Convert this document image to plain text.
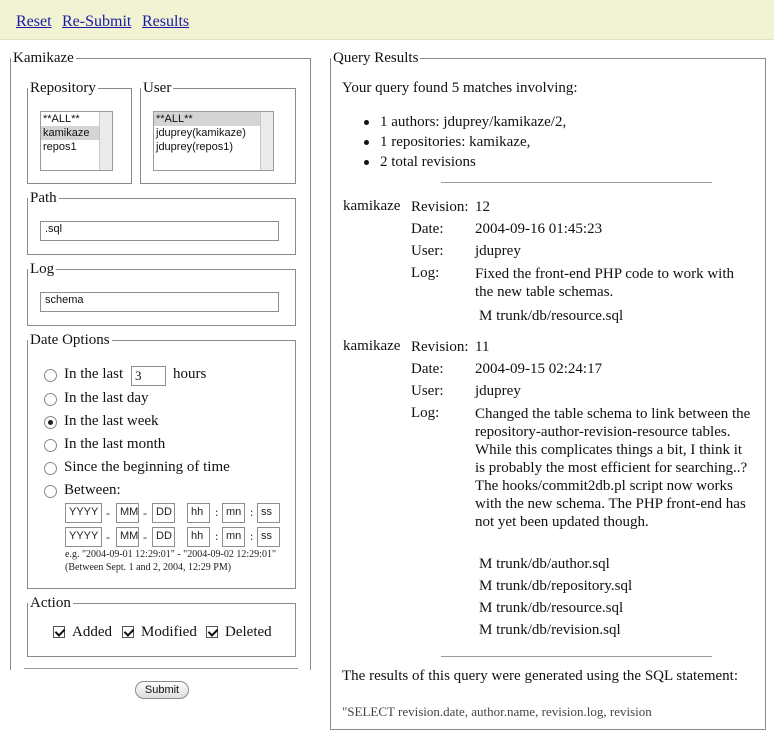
Reset Re-Submit Results
Kamikaze
Repository
**ALL**
kamikaze
repos1
User
**ALL**
jduprey(kamikaze)
jduprey(repos1)
Path
.sql
Log
schema
Date Options
In the last 3	hours
In the last day
In the last week
In the last month
Since the beginning of time
Between:
YYYY - MM - DD	hh : mn : ss
YYYY - MM - DD	hh : mn : ss
e.g. "2004-09-01 12:29:01" - "2004-09-02 12:29:01"
(Between Sept. 1 and 2, 2004, 12:29 PM)
Action
Added Modified Deleted
Submit
Query Results
Your query found 5 matches involving:
1 authors: jduprey/kamikaze/2,
1 repositories: kamikaze,
2 total revisions
kamikaze Revision: 12
Date: 2004-09-16 01:45:23
User: jduprey
Log: Fixed the front-end PHP code to work with the new table schemas.
M trunk/db/resource.sql
kamikaze Revision: 11
Date: 2004-09-15 02:24:17
User: jduprey
Log: Changed the table schema to link between the repository-author-revision-resource tables. While this complicates things a bit, I think it is probably the most efficient for searching..? The hooks/commit2db.pl script now works with the new schema. The PHP front-end has not yet been updated though.
M trunk/db/author.sql
M trunk/db/repository.sql
M trunk/db/resource.sql
M trunk/db/revision.sql
The results of this query were generated using the SQL statement:
"SELECT revision.date, author.name, revision.log, revision
